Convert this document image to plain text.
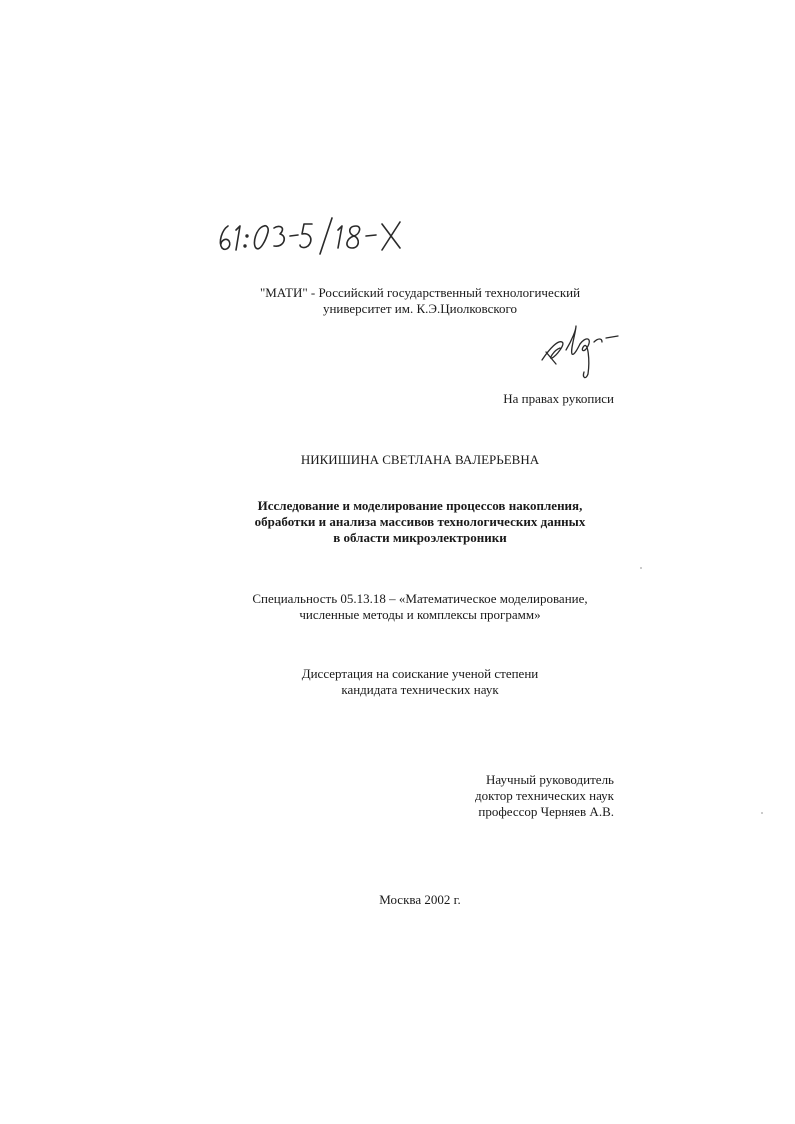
"МАТИ" - Российский государственный технологический
университет им. К.Э.Циолковского
На правах рукописи
НИКИШИНА СВЕТЛАНА ВАЛЕРЬЕВНА
Исследование и моделирование процессов накопления,
обработки и анализа массивов технологических данных
в области микроэлектроники
Специальность 05.13.18 – «Математическое моделирование,
численные методы и комплексы программ»
Диссертация на соискание ученой степени
кандидата технических наук
Научный руководитель
доктор технических наук
профессор Черняев А.В.
Москва 2002 г.
